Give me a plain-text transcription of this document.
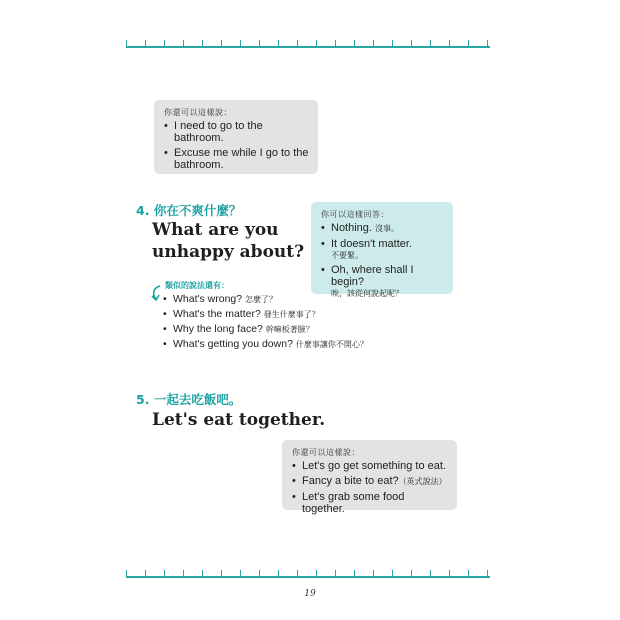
你還可以這樣說：
• I need to go to the bathroom.
• Excuse me while I go to the bathroom.
4. 你在不爽什麼？
What are you
unhappy about?
你可以這樣回答：
• Nothing. 沒事。
• It doesn't matter.
不要緊。
• Oh, where shall I begin?
唉，該從何說起呢？
類似的說法還有：
• What's wrong? 怎麼了？
• What's the matter? 發生什麼事了？
• Why the long face? 幹嘛板著臉？
• What's getting you down? 什麼事讓你不開心？
5. 一起去吃飯吧。
Let's eat together.
你還可以這樣說：
• Let's go get something to eat.
• Fancy a bite to eat?（英式說法）
• Let's grab some food together.
19
